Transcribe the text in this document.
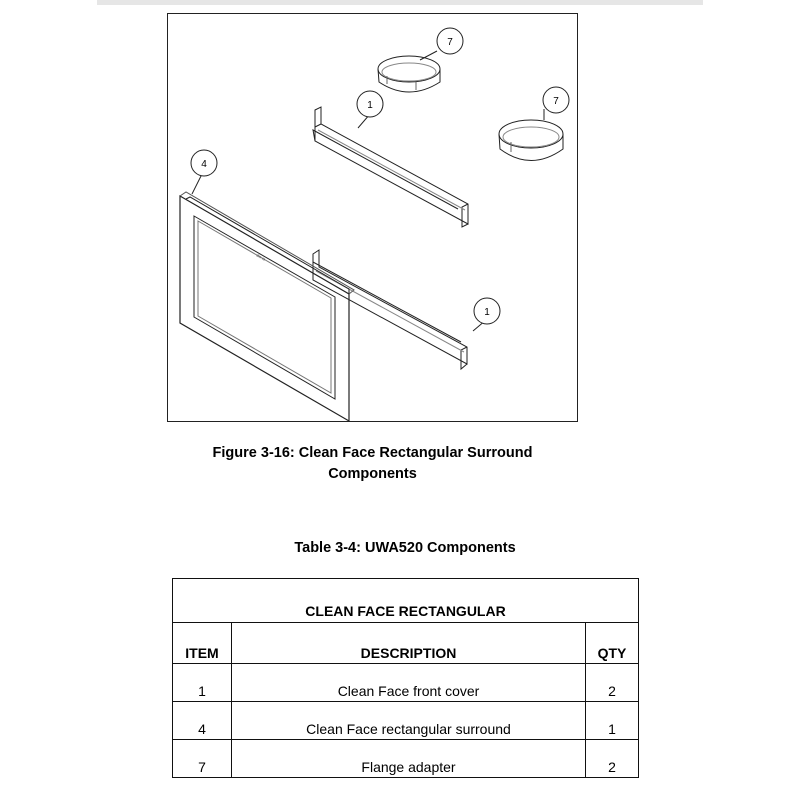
dis-ia
7
7
1
1
4
Figure 3-16: Clean Face Rectangular Surround
Components
Table 3-4: UWA520 Components
CLEAN FACE RECTANGULAR		
ITEM	DESCRIPTION	QTY
1	Clean Face front cover	2
4	Clean Face rectangular surround	1
7	Flange adapter	2
